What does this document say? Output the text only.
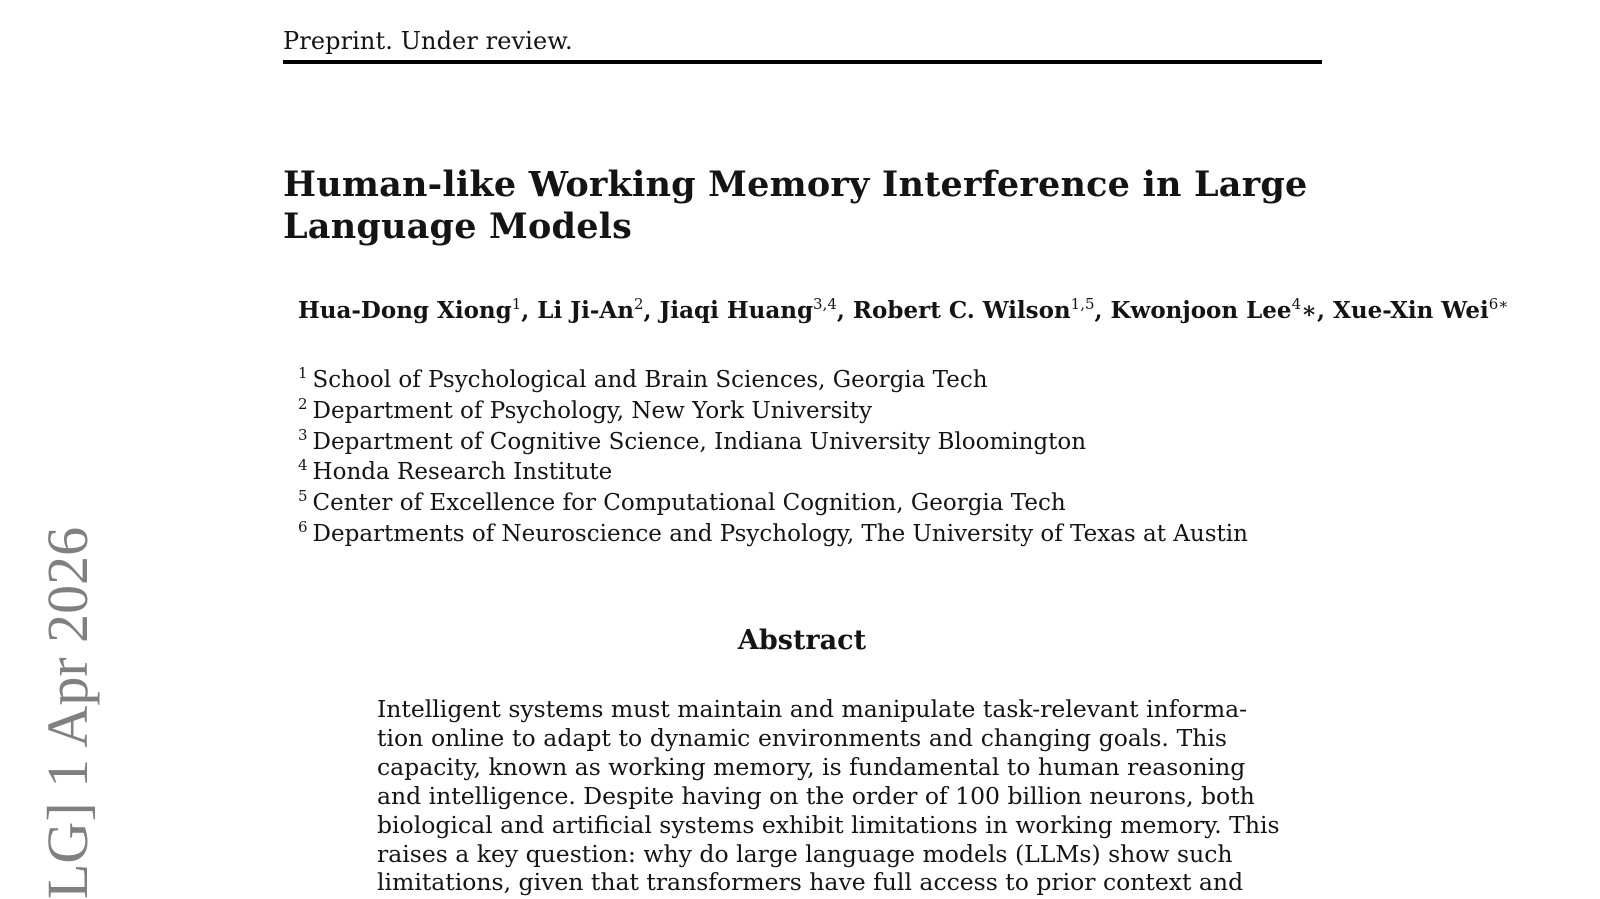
Preprint. Under review.
Human-like Working Memory Interference in Large Language Models
Hua-Dong Xiong$^1$, Li Ji-An$^2$, Jiaqi Huang$^{3,4}$, Robert C. Wilson$^{1,5}$, Kwonjoon Lee$^4$∗, Xue-Xin Wei$^{6∗}$
$^1$ School of Psychological and Brain Sciences, Georgia Tech
$^2$ Department of Psychology, New York University
$^3$ Department of Cognitive Science, Indiana University Bloomington
$^4$ Honda Research Institute
$^5$ Center of Excellence for Computational Cognition, Georgia Tech
$^6$ Departments of Neuroscience and Psychology, The University of Texas at Austin
Abstract
Intelligent systems must maintain and manipulate task-relevant informa-
tion online to adapt to dynamic environments and changing goals. This
capacity, known as working memory, is fundamental to human reasoning
and intelligence. Despite having on the order of 100 billion neurons, both
biological and artificial systems exhibit limitations in working memory. This
raises a key question: why do large language models (LLMs) show such
limitations, given that transformers have full access to prior context and
LG] 1 Apr 2026
